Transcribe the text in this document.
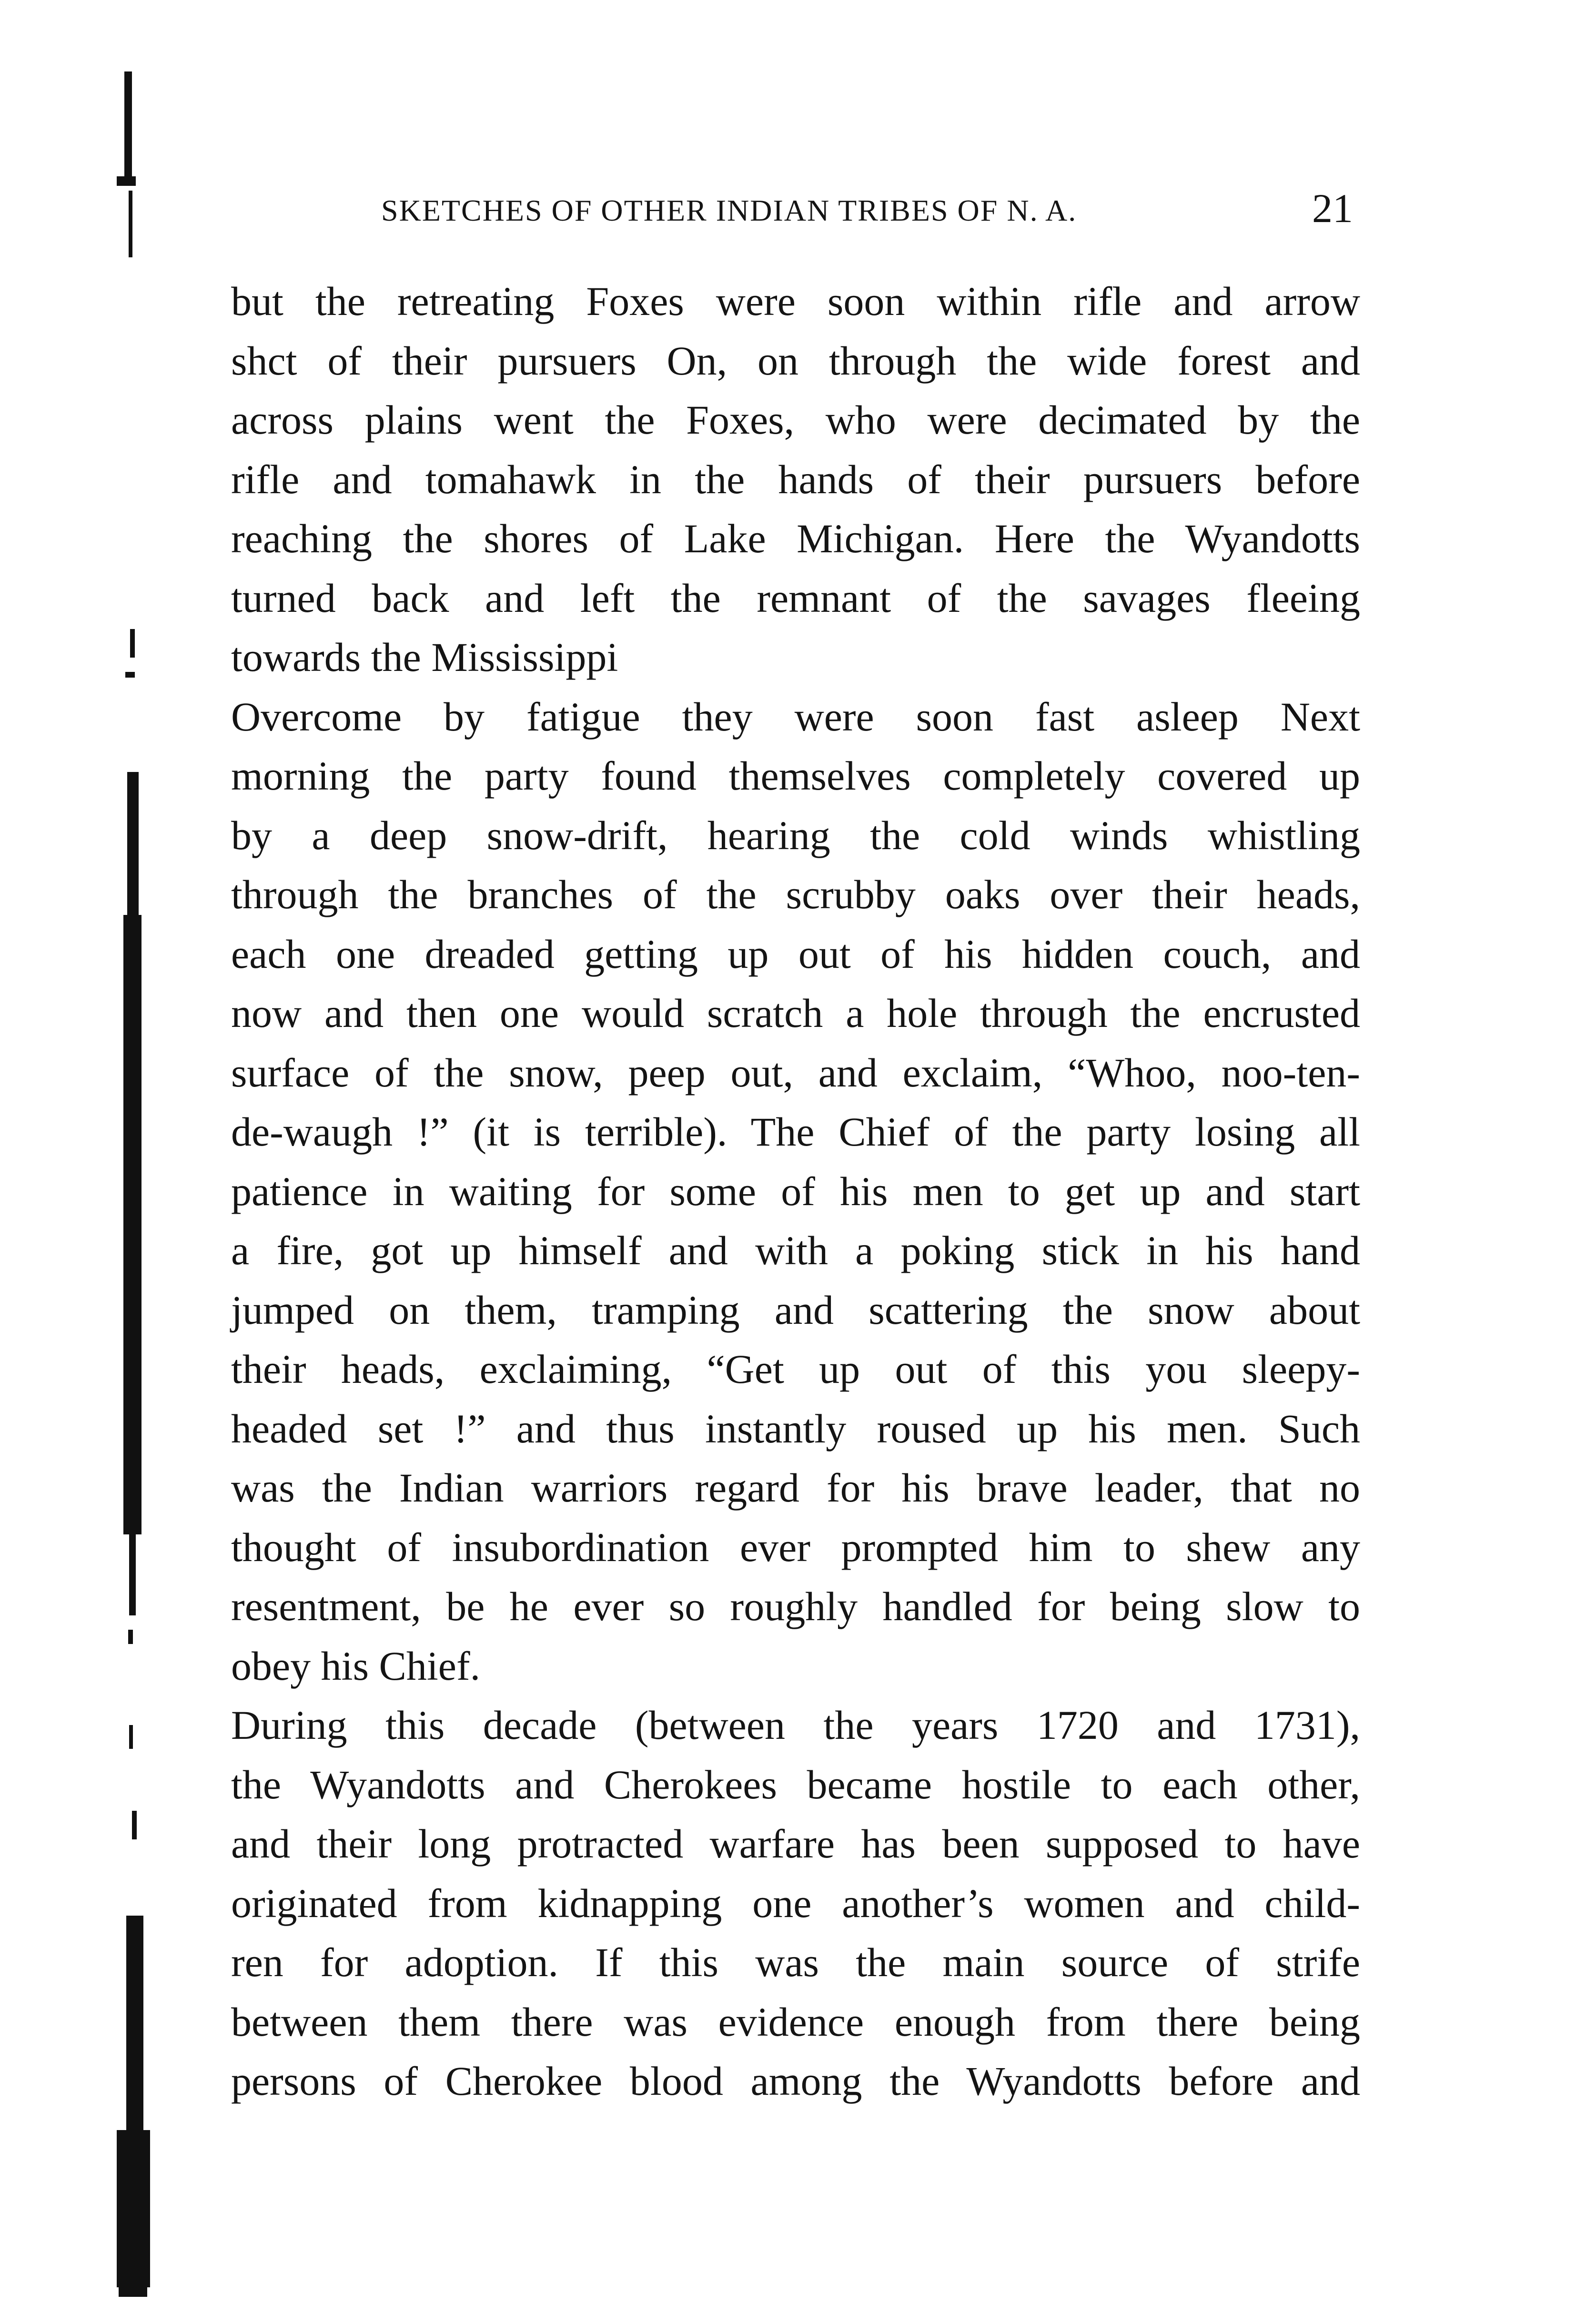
SKETCHES OF OTHER INDIAN TRIBES OF N. A.	21
but the retreating Foxes were soon within rifle and arrow
shct of their pursuers On, on through the wide forest and
across plains went the Foxes, who were decimated by the
rifle and tomahawk in the hands of their pursuers before
reaching the shores of Lake Michigan. Here the Wyandotts
turned back and left the remnant of the savages fleeing
towards the Mississippi
Overcome by fatigue they were soon fast asleep Next
morning the party found themselves completely covered up
by a deep snow-drift, hearing the cold winds whistling
through the branches of the scrubby oaks over their heads,
each one dreaded getting up out of his hidden couch, and
now and then one would scratch a hole through the encrusted
surface of the snow, peep out, and exclaim, “Whoo, noo-ten-
de-waugh !” (it is terrible). The Chief of the party losing all
patience in waiting for some of his men to get up and start
a fire, got up himself and with a poking stick in his hand
jumped on them, tramping and scattering the snow about
their heads, exclaiming, “Get up out of this you sleepy-
headed set !” and thus instantly roused up his men. Such
was the Indian warriors regard for his brave leader, that no
thought of insubordination ever prompted him to shew any
resentment, be he ever so roughly handled for being slow to
obey his Chief.
During this decade (between the years 1720 and 1731),
the Wyandotts and Cherokees became hostile to each other,
and their long protracted warfare has been supposed to have
originated from kidnapping one another’s women and child-
ren for adoption. If this was the main source of strife
between them there was evidence enough from there being
persons of Cherokee blood among the Wyandotts before and
